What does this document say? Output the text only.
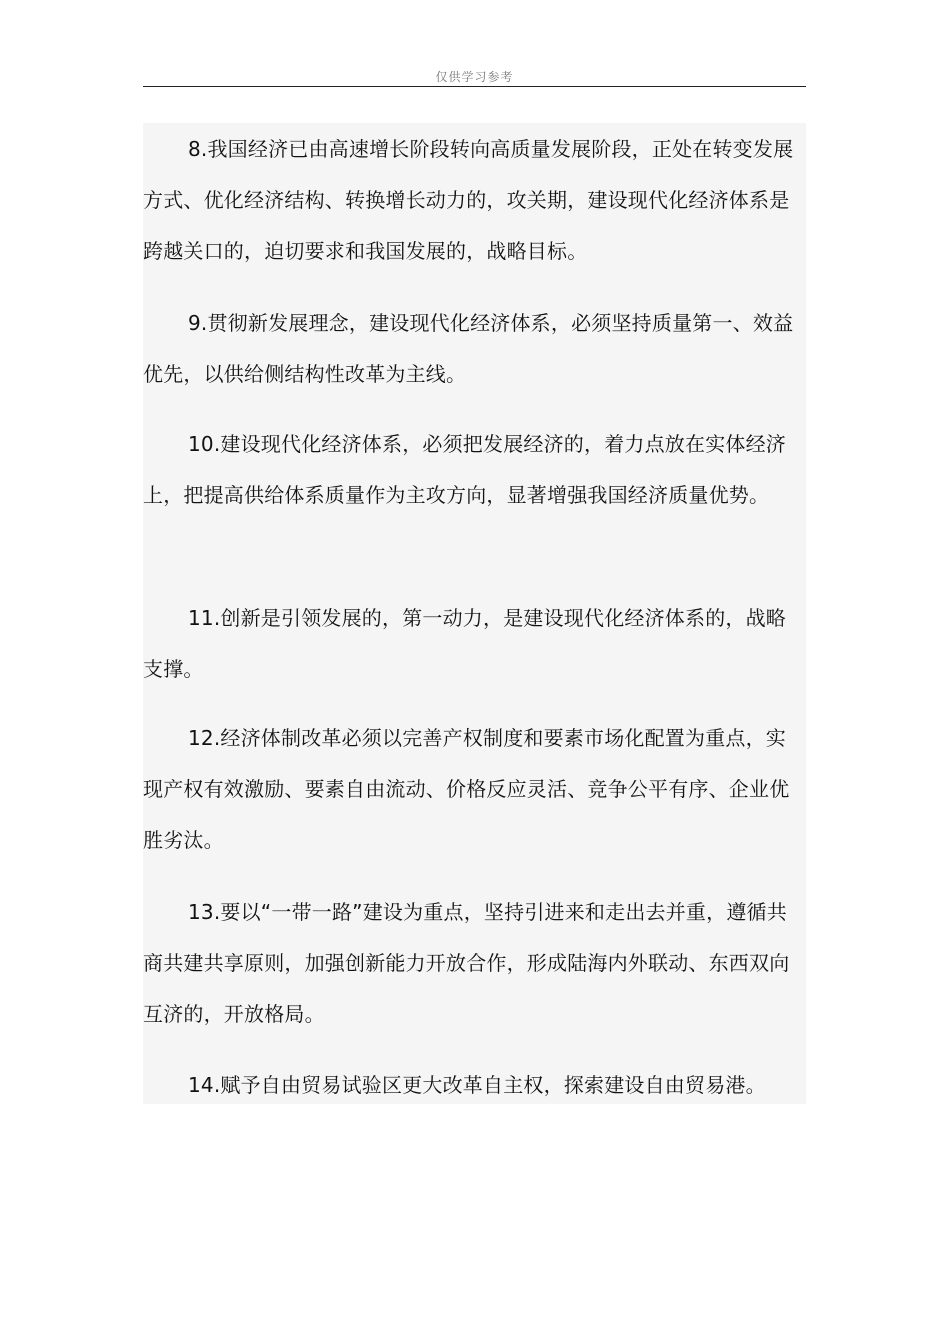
仅供学习参考

8.我国经济已由高速增长阶段转向高质量发展阶段，正处在转变发展方式、优化经济结构、转换增长动力的，攻关期，建设现代化经济体系是跨越关口的，迫切要求和我国发展的，战略目标。

9.贯彻新发展理念，建设现代化经济体系，必须坚持质量第一、效益优先，以供给侧结构性改革为主线。

10.建设现代化经济体系，必须把发展经济的，着力点放在实体经济上，把提高供给体系质量作为主攻方向，显著增强我国经济质量优势。

11.创新是引领发展的，第一动力，是建设现代化经济体系的，战略支撑。

12.经济体制改革必须以完善产权制度和要素市场化配置为重点，实现产权有效激励、要素自由流动、价格反应灵活、竞争公平有序、企业优胜劣汰。

13.要以“一带一路”建设为重点，坚持引进来和走出去并重，遵循共商共建共享原则，加强创新能力开放合作，形成陆海内外联动、东西双向互济的，开放格局。

14.赋予自由贸易试验区更大改革自主权，探索建设自由贸易港。
